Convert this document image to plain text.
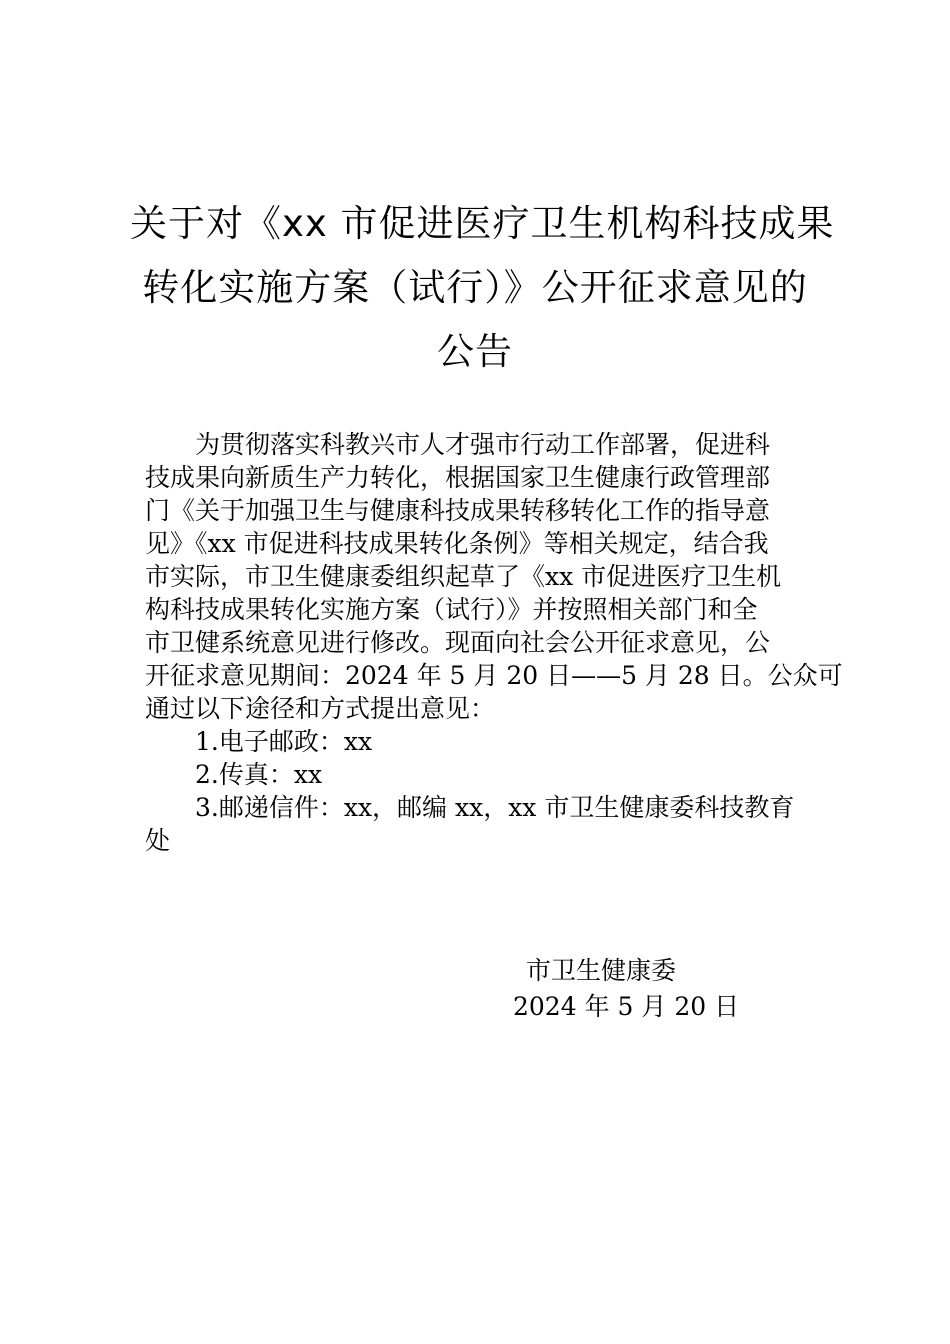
关于对《xx 市促进医疗卫生机构科技成果
转化实施方案（试行）》公开征求意见的
公告
为贯彻落实科教兴市人才强市行动工作部署，促进科
技成果向新质生产力转化，根据国家卫生健康行政管理部
门《关于加强卫生与健康科技成果转移转化工作的指导意
见》《xx 市促进科技成果转化条例》等相关规定，结合我
市实际，市卫生健康委组织起草了《xx 市促进医疗卫生机
构科技成果转化实施方案（试行）》并按照相关部门和全
市卫健系统意见进行修改。现面向社会公开征求意见，公
开征求意见期间：2024 年 5 月 20 日——5 月 28 日。公众可
通过以下途径和方式提出意见：
1.电子邮政：xx
2.传真：xx
3.邮递信件：xx，邮编 xx，xx 市卫生健康委科技教育
处
市卫生健康委
2024 年 5 月 20 日
